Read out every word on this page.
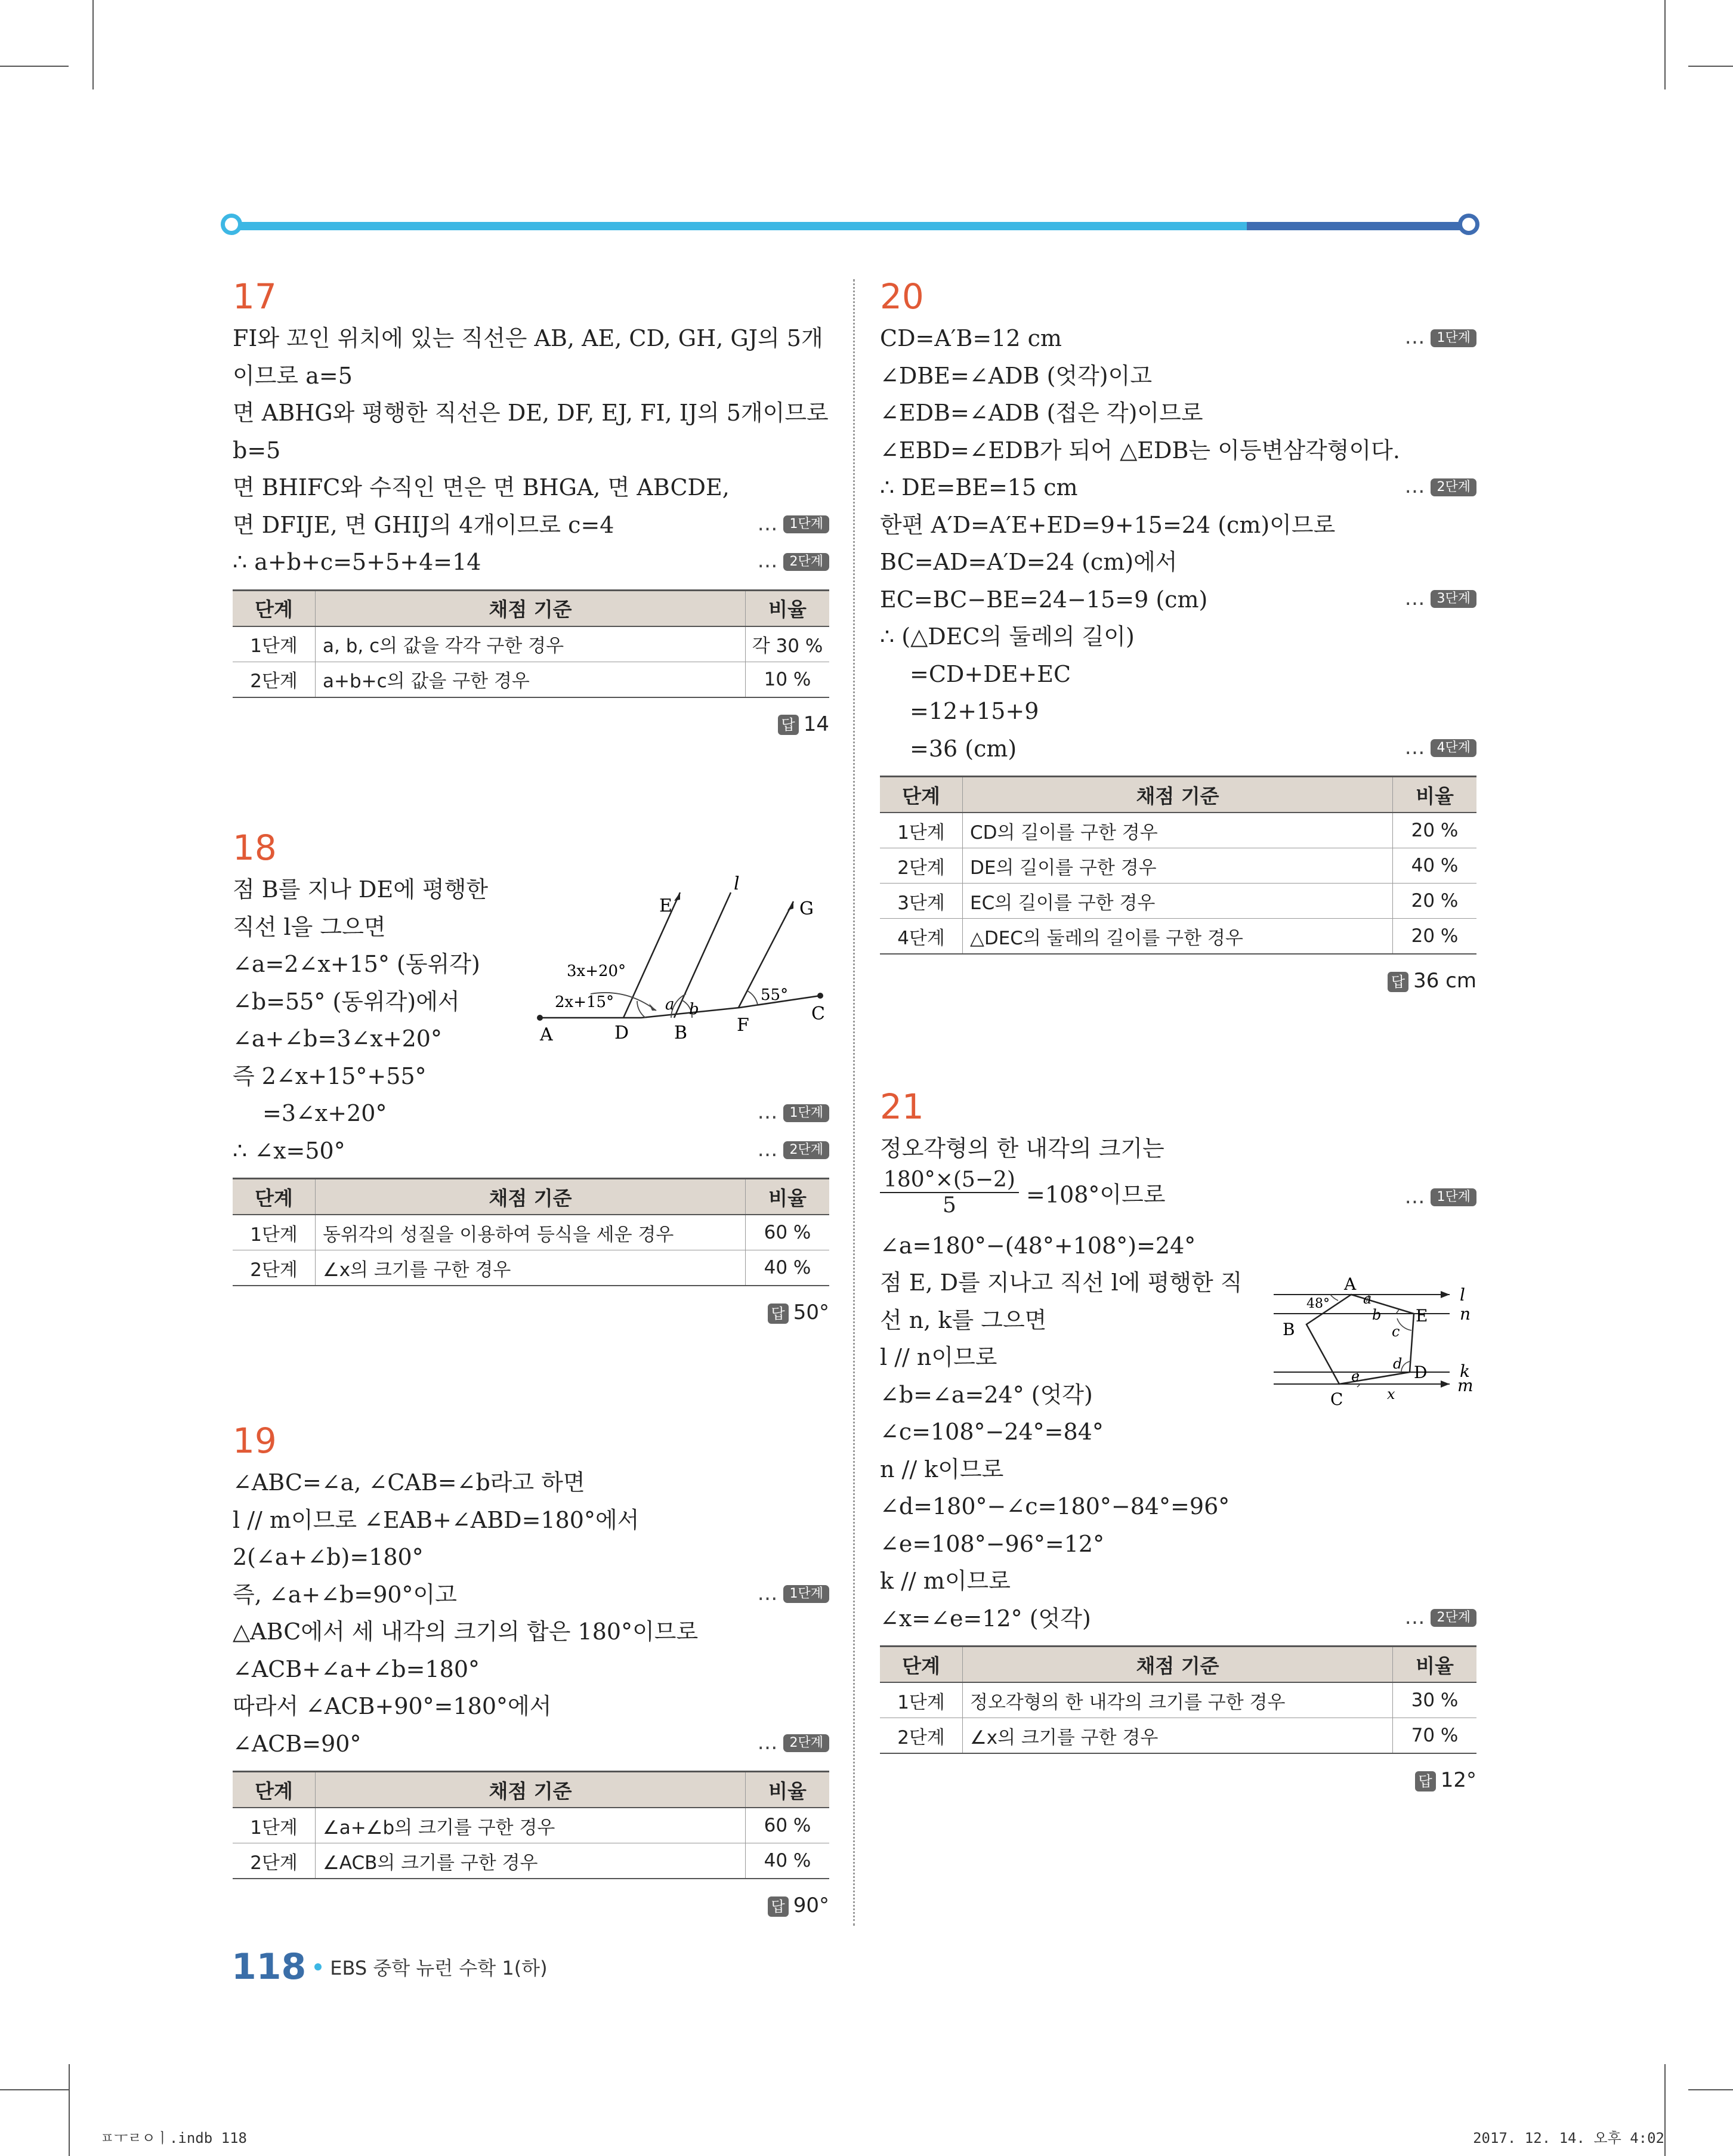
17
FI와 꼬인 위치에 있는 직선은 AB, AE, CD, GH, GJ의 5개
이므로 a=5
면 ABHG와 평행한 직선은 DE, DF, EJ, FI, IJ의 5개이므로
b=5
면 BHIFC와 수직인 면은 면 BHGA, 면 ABCDE,
면 DFIJE, 면 GHIJ의 4개이므로 c=4	… 1단계
∴ a+b+c=5+5+4=14	… 2단계
단계	채점 기준	비율
1단계	a, b, c의 값을 각각 구한 경우	각 30 %
2단계	a+b+c의 값을 구한 경우	10 %
답 14
18
점 B를 지나 DE에 평행한
직선 l을 그으면
∠a=2∠x+15° (동위각)
∠b=55° (동위각)에서
∠a+∠b=3∠x+20°
즉 2∠x+15°+55°
=3∠x+20°	… 1단계
∴ ∠x=50°	… 2단계
단계	채점 기준	비율
1단계	동위각의 성질을 이용하여 등식을 세운 경우	60 %
2단계	∠x의 크기를 구한 경우	40 %
답 50°
A	D	B	F
C
E	G
l
3x+20°
2x+15°	a b
55°
19
∠ABC=∠a, ∠CAB=∠b라고 하면
l // m이므로 ∠EAB+∠ABD=180°에서
2(∠a+∠b)=180°
즉, ∠a+∠b=90°이고	… 1단계
△ABC에서 세 내각의 크기의 합은 180°이므로
∠ACB+∠a+∠b=180°
따라서 ∠ACB+90°=180°에서
∠ACB=90°	… 2단계
단계	채점 기준	비율
1단계	∠a+∠b의 크기를 구한 경우	60 %
2단계	∠ACB의 크기를 구한 경우	40 %
답 90°
20
CD=A′B=12 cm	… 1단계
∠DBE=∠ADB (엇각)이고
∠EDB=∠ADB (접은 각)이므로
∠EBD=∠EDB가 되어 △EDB는 이등변삼각형이다.
∴ DE=BE=15 cm	… 2단계
한편 A′D=A′E+ED=9+15=24 (cm)이므로
BC=AD=A′D=24 (cm)에서
EC=BC−BE=24−15=9 (cm)	… 3단계
∴ (△DEC의 둘레의 길이)
=CD+DE+EC
=12+15+9
=36 (cm)	… 4단계
단계	채점 기준	비율
1단계	CD의 길이를 구한 경우	20 %
2단계	DE의 길이를 구한 경우	40 %
3단계	EC의 길이를 구한 경우	20 %
4단계	△DEC의 둘레의 길이를 구한 경우	20 %
답 36 cm
21
정오각형의 한 내각의 크기는
$\frac{180^\circ\times(5-2)}{5} =108^\circ$이므로	… 1단계
∠a=180°−(48°+108°)=24°
점 E, D를 지나고 직선 l에 평행한 직
선 n, k를 그으면
l // n이므로
∠b=∠a=24° (엇각)
∠c=108°−24°=84°
n // k이므로
∠d=180°−∠c=180°−84°=96°
∠e=108°−96°=12°
k // m이므로
∠x=∠e=12° (엇각)	… 2단계
단계	채점 기준	비율
1단계	정오각형의 한 내각의 크기를 구한 경우	30 %
2단계	∠x의 크기를 구한 경우	70 %
답 12°
A
B
C
D
E
l
n
k
m
48° a
b
c
d
e
x
118 EBS 중학 뉴런 수학 1(하)
ㅍㅜㄹㅇㅣ.indb 118	2017. 12. 14. 오후 4:02
